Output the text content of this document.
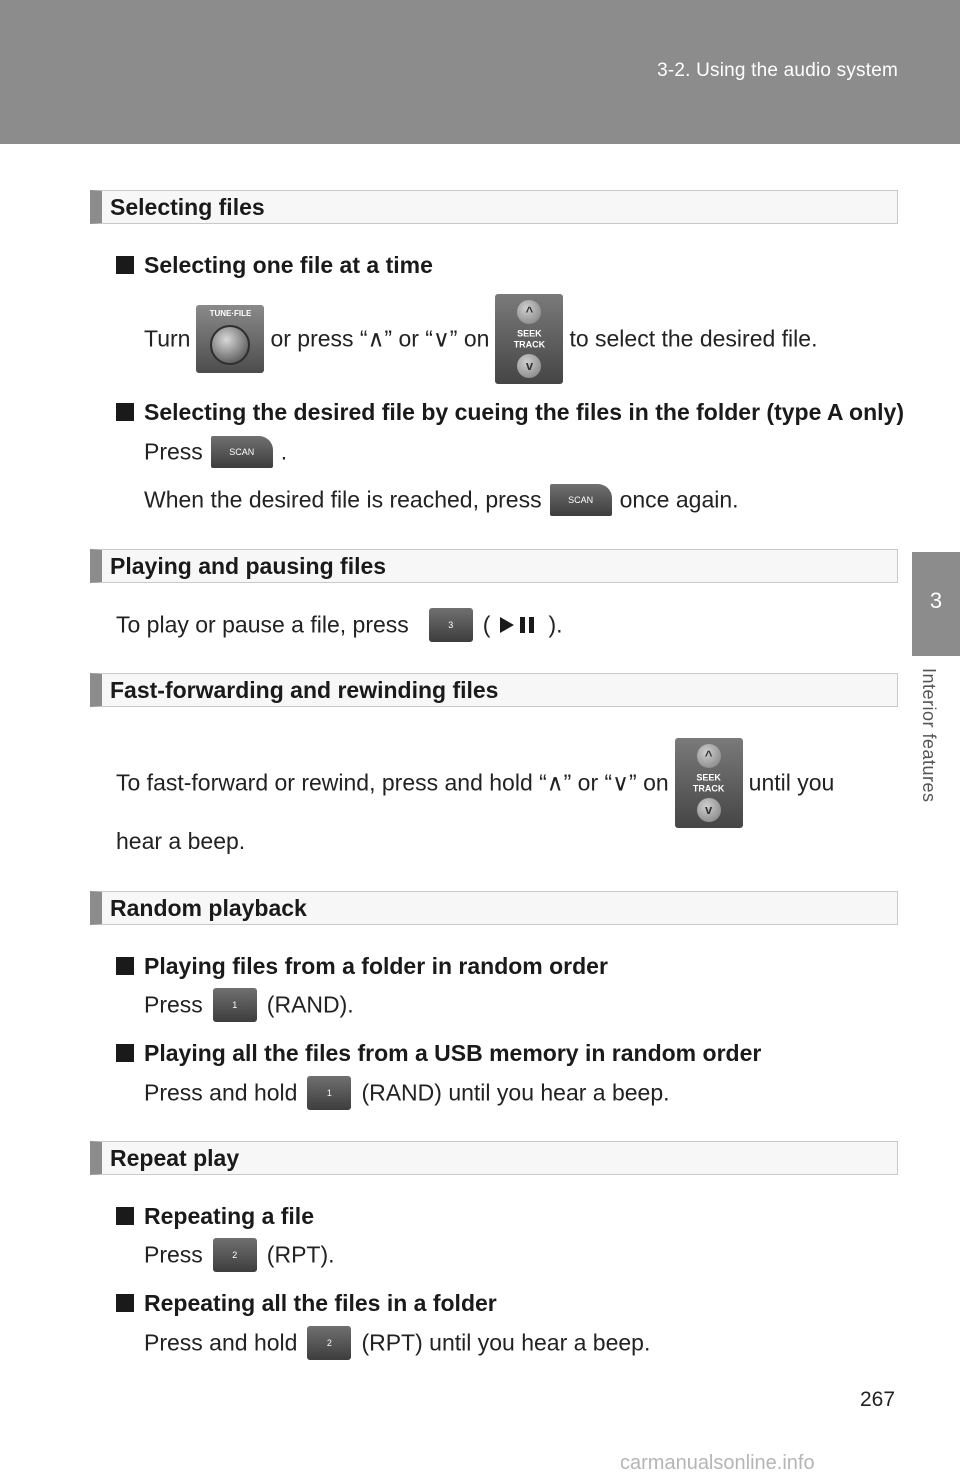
3-2. Using the audio system
3
Interior features
Selecting files
Selecting one file at a time
Turn
TUNE·FILE
or press “∧” or “∨” on
^
SEEK
TRACK
v
to select the desired file.
Selecting the desired file by cueing the files in the folder (type A only)
Press	SCAN .
When the desired file is reached, press	SCAN once again.
Playing and pausing files
To play or pause a file, press	3 (	).
Fast-forwarding and rewinding files
To fast-forward or rewind, press and hold “∧” or “∨” on
^
SEEK
TRACK
v
until you
hear a beep.
Random playback
Playing files from a folder in random order
Press	1 (RAND).
Playing all the files from a USB memory in random order
Press and hold	1 (RAND) until you hear a beep.
Repeat play
Repeating a file
Press	2 (RPT).
Repeating all the files in a folder
Press and hold	2 (RPT) until you hear a beep.
267
carmanualsonline.info
